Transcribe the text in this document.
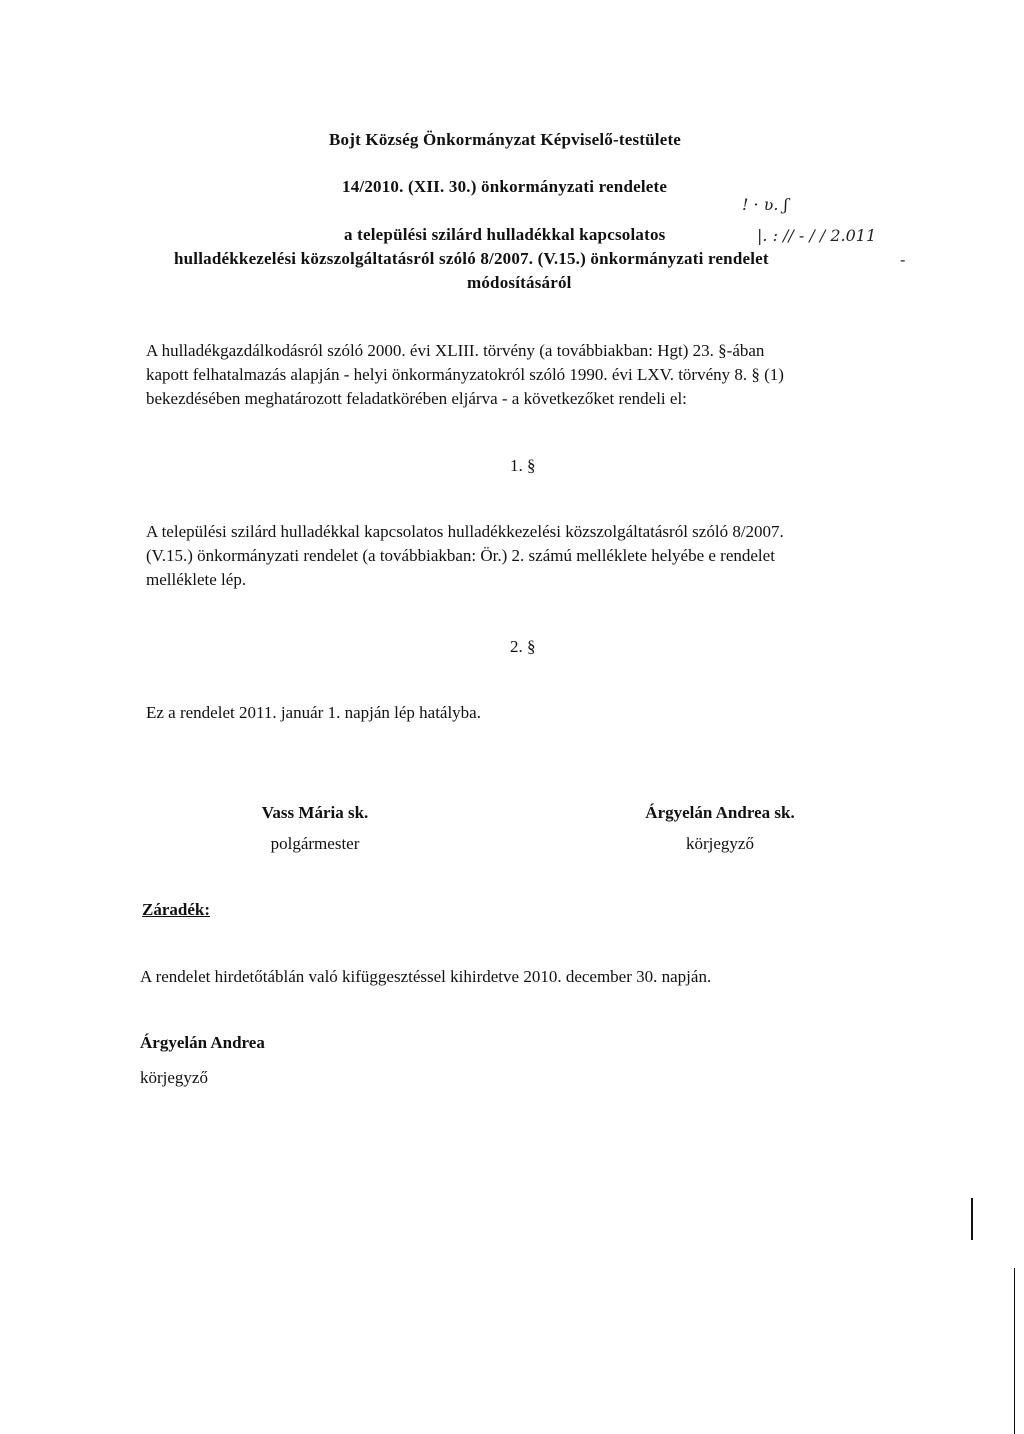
Bojt Község Önkormányzat Képviselő-testülete
14/2010. (XII. 30.) önkormányzati rendelete
a települési szilárd hulladékkal kapcsolatos
hulladékkezelési közszolgáltatásról szóló 8/2007. (V.15.) önkormányzati rendelet
módosításáról
! · ʋ. ʃ
|. : // - / / 2.011
-
A hulladékgazdálkodásról szóló 2000. évi XLIII. törvény (a továbbiakban: Hgt) 23. §-ában
kapott felhatalmazás alapján - helyi önkormányzatokról szóló 1990. évi LXV. törvény 8. § (1)
bekezdésében meghatározott feladatkörében eljárva - a következőket rendeli el:
1. §
A települési szilárd hulladékkal kapcsolatos hulladékkezelési közszolgáltatásról szóló 8/2007.
(V.15.) önkormányzati rendelet (a továbbiakban: Ör.) 2. számú melléklete helyébe e rendelet
melléklete lép.
2. §
Ez a rendelet 2011. január 1. napján lép hatályba.
Vass Mária sk.
polgármester
Árgyelán Andrea sk.
körjegyző
Záradék:
A rendelet hirdetőtáblán való kifüggesztéssel kihirdetve 2010. december 30. napján.
Árgyelán Andrea
körjegyző
